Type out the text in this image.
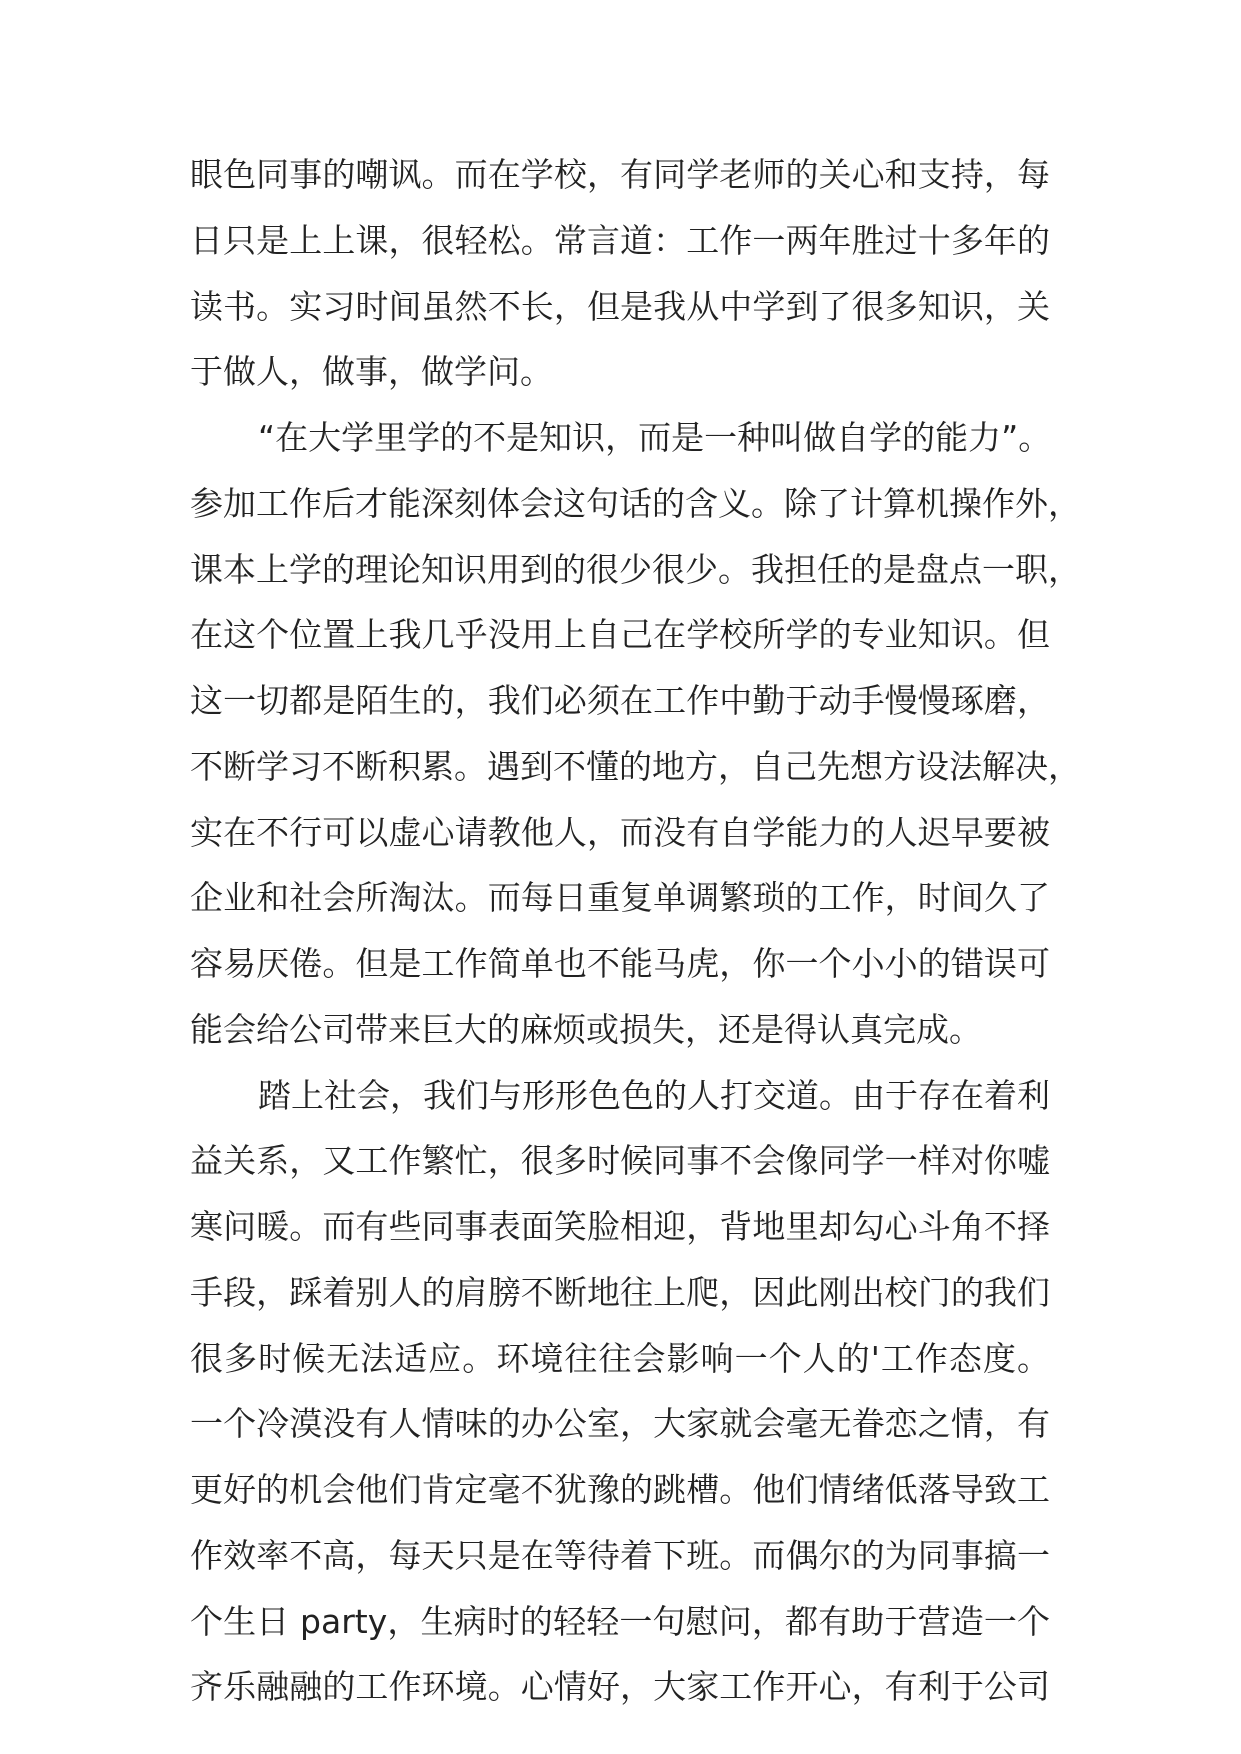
眼色同事的嘲讽。而在学校，有同学老师的关心和支持，每
日只是上上课，很轻松。常言道：工作一两年胜过十多年的
读书。实习时间虽然不长，但是我从中学到了很多知识，关
于做人，做事，做学问。
“在大学里学的不是知识，而是一种叫做自学的能力”。
参加工作后才能深刻体会这句话的含义。除了计算机操作外，
课本上学的理论知识用到的很少很少。我担任的是盘点一职，
在这个位置上我几乎没用上自己在学校所学的专业知识。但
这一切都是陌生的，我们必须在工作中勤于动手慢慢琢磨，
不断学习不断积累。遇到不懂的地方，自己先想方设法解决，
实在不行可以虚心请教他人，而没有自学能力的人迟早要被
企业和社会所淘汰。而每日重复单调繁琐的工作，时间久了
容易厌倦。但是工作简单也不能马虎，你一个小小的错误可
能会给公司带来巨大的麻烦或损失，还是得认真完成。
踏上社会，我们与形形色色的人打交道。由于存在着利
益关系，又工作繁忙，很多时候同事不会像同学一样对你嘘
寒问暖。而有些同事表面笑脸相迎，背地里却勾心斗角不择
手段，踩着别人的肩膀不断地往上爬，因此刚出校门的我们
很多时候无法适应。环境往往会影响一个人的'工作态度。
一个冷漠没有人情味的办公室，大家就会毫无眷恋之情，有
更好的机会他们肯定毫不犹豫的跳槽。他们情绪低落导致工
作效率不高，每天只是在等待着下班。而偶尔的为同事搞一
个生日 party，生病时的轻轻一句慰问，都有助于营造一个
齐乐融融的工作环境。心情好，大家工作开心，有利于公司
